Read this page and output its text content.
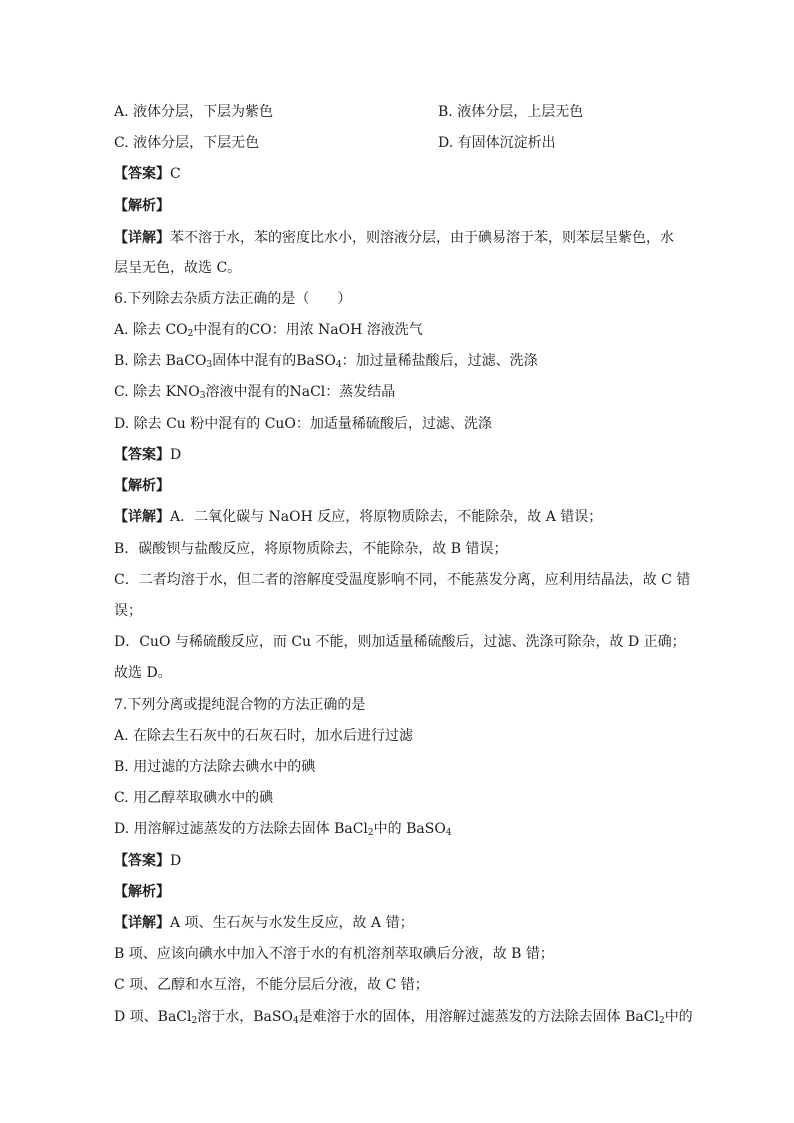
A. 液体分层，下层为紫色	B. 液体分层，上层无色
C. 液体分层，下层无色	D. 有固体沉淀析出
【答案】C
【解析】
【详解】苯不溶于水，苯的密度比水小，则溶液分层，由于碘易溶于苯，则苯层呈紫色，水
层呈无色，故选 C。
6.下列除去杂质方法正确的是（　　）
A. 除去 $CO_2$中混有的CO：用浓 NaOH 溶液洗气
B. 除去 BaCO$_3$固体中混有的BaSO$_4$：加过量稀盐酸后，过滤、洗涤
C. 除去 $KNO_3$溶液中混有的NaCl：蒸发结晶
D. 除去 Cu 粉中混有的 CuO：加适量稀硫酸后，过滤、洗涤
【答案】D
【解析】
【详解】A．二氧化碳与 NaOH 反应，将原物质除去，不能除杂，故 A 错误；
B．碳酸钡与盐酸反应，将原物质除去，不能除杂，故 B 错误；
C．二者均溶于水，但二者的溶解度受温度影响不同，不能蒸发分离，应利用结晶法，故 C 错
误；
D．CuO 与稀硫酸反应，而 Cu 不能，则加适量稀硫酸后，过滤、洗涤可除杂，故 D 正确；
故选 D。
7.下列分离或提纯混合物的方法正确的是
A. 在除去生石灰中的石灰石时，加水后进行过滤
B. 用过滤的方法除去碘水中的碘
C. 用乙醇萃取碘水中的碘
D. 用溶解过滤蒸发的方法除去固体 BaCl$_2$中的 BaSO$_4$
【答案】D
【解析】
【详解】A 项、生石灰与水发生反应，故 A 错；
B 项、应该向碘水中加入不溶于水的有机溶剂萃取碘后分液，故 B 错；
C 项、乙醇和水互溶，不能分层后分液，故 C 错；
D 项、BaCl$_2$溶于水，BaSO$_4$是难溶于水的固体，用溶解过滤蒸发的方法除去固体 BaCl$_2$中的
